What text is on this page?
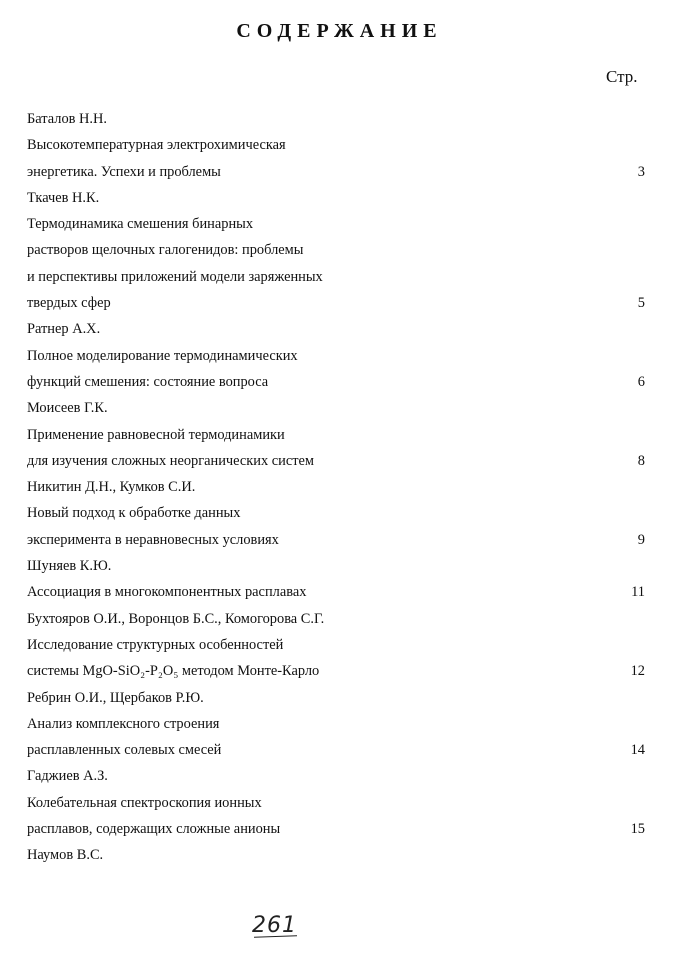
СОДЕРЖАНИЕ
Стр.
Баталов Н.Н.
Высокотемпературная электрохимическая
энергетика. Успехи и проблемы	3
Ткачев Н.К.
Термодинамика смешения бинарных
растворов щелочных галогенидов: проблемы
и перспективы приложений модели заряженных
твердых сфер	5
Ратнер А.Х.
Полное моделирование термодинамических
функций смешения: состояние вопроса	6
Моисеев Г.К.
Применение равновесной термодинамики
для изучения сложных неорганических систем	8
Никитин Д.Н., Кумков С.И.
Новый подход к обработке данных
эксперимента в неравновесных условиях	9
Шуняев К.Ю.
Ассоциация в многокомпонентных расплавах	11
Бухтояров О.И., Воронцов Б.С., Комогорова С.Г.
Исследование структурных особенностей
системы MgO-SiO₂-P₂O₅ методом Монте-Карло	12
Ребрин О.И., Щербаков Р.Ю.
Анализ комплексного строения
расплавленных солевых смесей	14
Гаджиев А.З.
Колебательная спектроскопия ионных
расплавов, содержащих сложные анионы	15
Наумов В.С.
261
